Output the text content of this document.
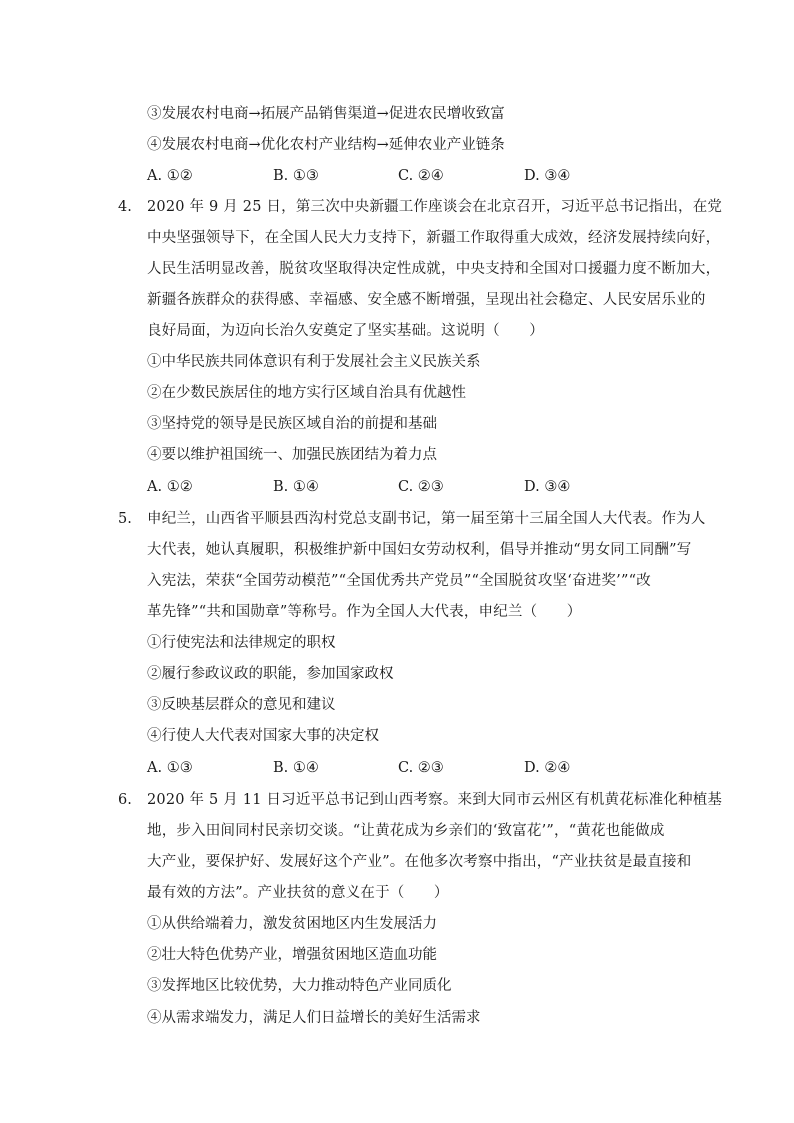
③发展农村电商→拓展产品销售渠道→促进农民增收致富
④发展农村电商→优化农村产业结构→延伸农业产业链条
A. ①②	B. ①③	C. ②④	D. ③④
4. 2020 年 9 月 25 日，第三次中央新疆工作座谈会在北京召开，习近平总书记指出，在党
中央坚强领导下，在全国人民大力支持下，新疆工作取得重大成效，经济发展持续向好，
人民生活明显改善，脱贫攻坚取得决定性成就，中央支持和全国对口援疆力度不断加大，
新疆各族群众的获得感、幸福感、安全感不断增强，呈现出社会稳定、人民安居乐业的
良好局面，为迈向长治久安奠定了坚实基础。这说明（　　）
①中华民族共同体意识有利于发展社会主义民族关系
②在少数民族居住的地方实行区域自治具有优越性
③坚持党的领导是民族区域自治的前提和基础
④要以维护祖国统一、加强民族团结为着力点
A. ①②	B. ①④	C. ②③	D. ③④
5. 申纪兰，山西省平顺县西沟村党总支副书记，第一届至第十三届全国人大代表。作为人
大代表，她认真履职，积极维护新中国妇女劳动权利，倡导并推动“男女同工同酬”写
入宪法，荣获“全国劳动模范”“全国优秀共产党员”“全国脱贫攻坚‘奋进奖’”“改
革先锋”“共和国勋章”等称号。作为全国人大代表，申纪兰（　　）
①行使宪法和法律规定的职权
②履行参政议政的职能，参加国家政权
③反映基层群众的意见和建议
④行使人大代表对国家大事的决定权
A. ①③	B. ①④	C. ②③	D. ②④
6. 2020 年 5 月 11 日习近平总书记到山西考察。来到大同市云州区有机黄花标准化种植基
地，步入田间同村民亲切交谈。“让黄花成为乡亲们的‘致富花’”，“黄花也能做成
大产业，要保护好、发展好这个产业”。在他多次考察中指出，“产业扶贫是最直接和
最有效的方法”。产业扶贫的意义在于（　　）
①从供给端着力，激发贫困地区内生发展活力
②壮大特色优势产业，增强贫困地区造血功能
③发挥地区比较优势，大力推动特色产业同质化
④从需求端发力，满足人们日益增长的美好生活需求
